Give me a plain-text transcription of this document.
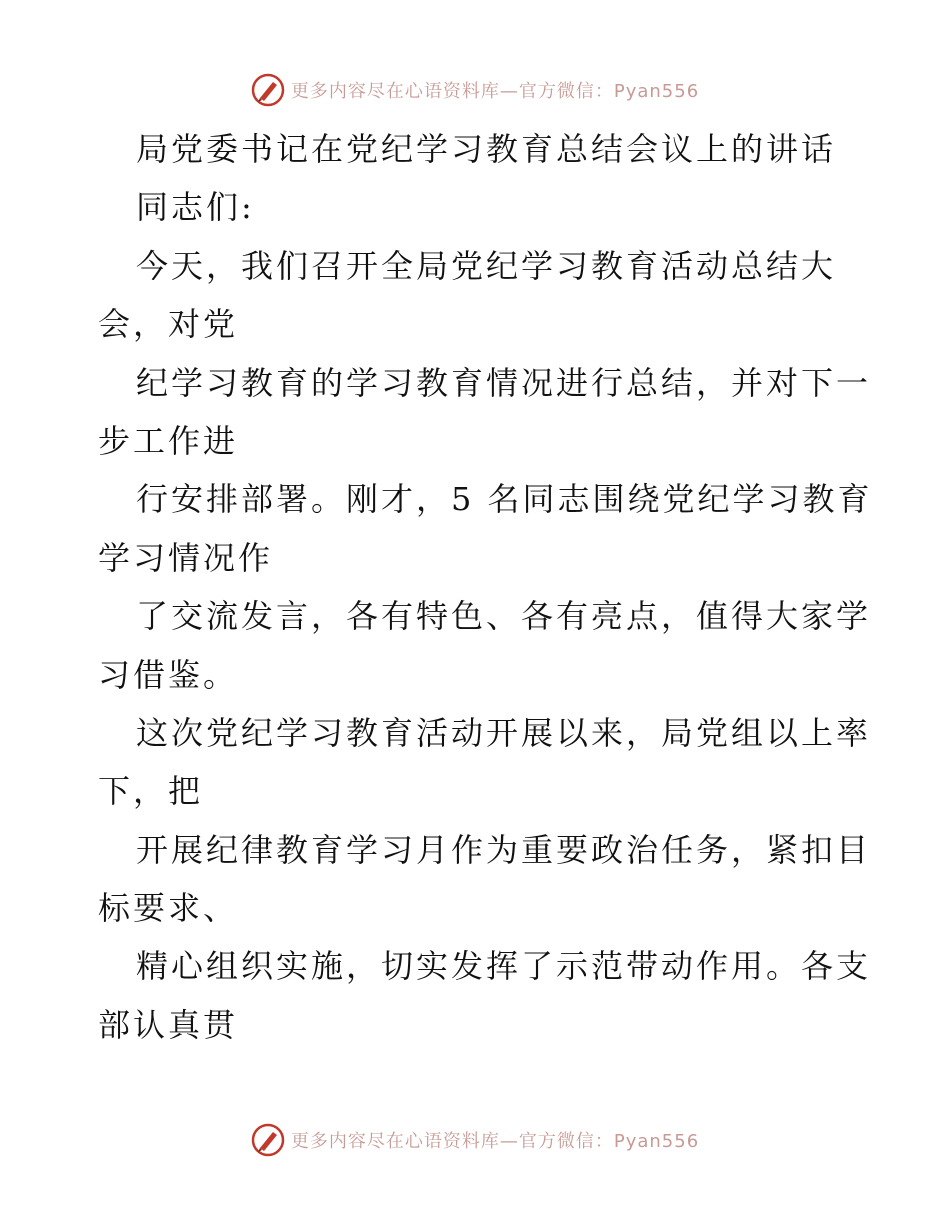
更多内容尽在心语资料库—官方微信：Pyan556
局党委书记在党纪学习教育总结会议上的讲话
同志们:
今天，我们召开全局党纪学习教育活动总结大
会，对党
纪学习教育的学习教育情况进行总结，并对下一
步工作进
行安排部署。刚才，5 名同志围绕党纪学习教育
学习情况作
了交流发言，各有特色、各有亮点，值得大家学
习借鉴。
这次党纪学习教育活动开展以来，局党组以上率
下，把
开展纪律教育学习月作为重要政治任务，紧扣目
标要求、
精心组织实施，切实发挥了示范带动作用。各支
部认真贯
更多内容尽在心语资料库—官方微信：Pyan556
